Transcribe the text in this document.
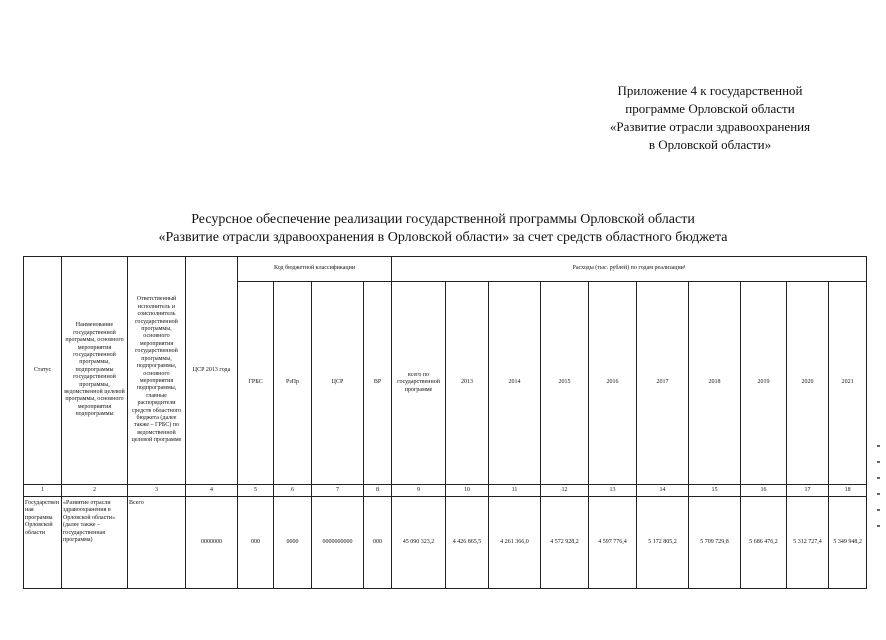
Приложение 4 к государственной
программе Орловской области
«Развитие отрасли здравоохранения
в Орловской области»
Ресурсное обеспечение реализации государственной программы Орловской области
«Развитие отрасли здравоохранения в Орловской области» за счет средств областного бюджета
Статус	Наименование государственной программы, основного мероприятия государственной программы, подпрограммы государственной программы, ведомственной целевой программы, основного мероприятия подпрограммы	Ответственный исполнитель и соисполнитель государственной программы, основного мероприятия государственной программы, подпрограммы, основного мероприятия подпрограммы, главные распорядители средств областного бюджета (далее также – ГРБС) по ведомственной целевой программе	ЦСР 2013 года	Код бюджетной классификации				Расходы (тыс. рублей) по годам реализации¹									
				ГРБС	РзПр	ЦСР	ВР	всего по государственной программе	2013	2014	2015	2016	2017	2018	2019	2020	2021
1	2	3	4	5	6	7	8	9	10	11	12	13	14	15	16	17	18
Государственная программа Орловской области	«Развитие отрасли здравоохранения в Орловской области» (далее также – государственная программа)	Всего	0000000	000	0000	0000000000	000	45 090 323,2	4 426 865,5	4 261 366,0	4 572 928,2	4 597 776,4	5 172 805,2	5 709 729,8	5 686 476,2	5 312 727,4	5 349 948,2
